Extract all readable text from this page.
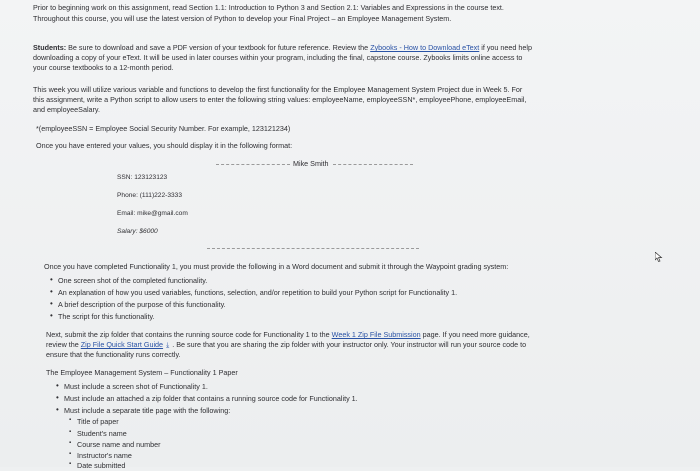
Prior to beginning work on this assignment, read Section 1.1: Introduction to Python 3 and Section 2.1: Variables and Expressions in the course text.
Throughout this course, you will use the latest version of Python to develop your Final Project – an Employee Management System.
Students: Be sure to download and save a PDF version of your textbook for future reference. Review the Zybooks - How to Download eText if you need help
downloading a copy of your eText. It will be used in later courses within your program, including the final, capstone course. Zybooks limits online access to
your course textbooks to a 12-month period.
This week you will utilize various variable and functions to develop the first functionality for the Employee Management System Project due in Week 5. For
this assignment, write a Python script to allow users to enter the following string values: employeeName, employeeSSN*, employeePhone, employeeEmail,
and employeeSalary.
*(employeeSSN = Employee Social Security Number. For example, 123121234)
Once you have entered your values, you should display it in the following format:
Mike Smith
SSN: 123123123
Phone: (111)222-3333
Email: mike@gmail.com
Salary: $6000
Once you have completed Functionality 1, you must provide the following in a Word document and submit it through the Waypoint grading system:
• One screen shot of the completed functionality.
• An explanation of how you used variables, functions, selection, and/or repetition to build your Python script for Functionality 1.
• A brief description of the purpose of this functionality.
• The script for this functionality.
Next, submit the zip folder that contains the running source code for Functionality 1 to the Week 1 Zip File Submission page. If you need more guidance,
review the Zip File Quick Start Guide ⤓ . Be sure that you are sharing the zip folder with your instructor only. Your instructor will run your source code to
ensure that the functionality runs correctly.
The Employee Management System – Functionality 1 Paper
• Must include a screen shot of Functionality 1.
• Must include an attached a zip folder that contains a running source code for Functionality 1.
• Must include a separate title page with the following:
▪ Title of paper
▪ Student's name
▪ Course name and number
▪ Instructor's name
▪ Date submitted
